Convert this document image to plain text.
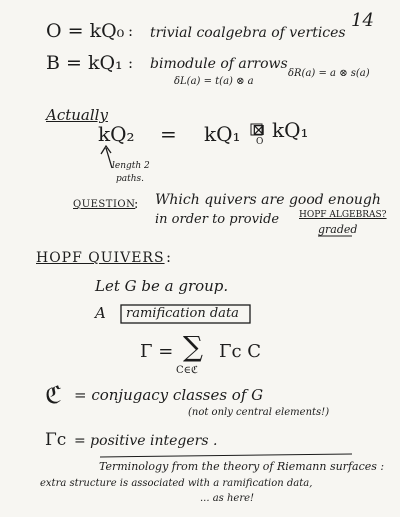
14
O = kQ₀ : trivial coalgebra of vertices
B = kQ₁ : bimodule of arrows
δL(a) = t(a) ⊗ a
δR(a) = a ⊗ s(a)
Actually
kQ₂ = kQ₁ ⊠
O kQ₁
length 2
paths.
QUESTION
: Which quivers are good enough
in order to provide HOPF ALGEBRAS?
graded
HOPF QUIVERS :
Let G be a group.
A ramification data
Γ = ∑
C∈ℭ
Γc C
ℭ = conjugacy classes of G
(not only central elements!)
Γc = positive integers .
Terminology from the theory of Riemann surfaces :
extra structure is associated with a ramification data,
... as here!
